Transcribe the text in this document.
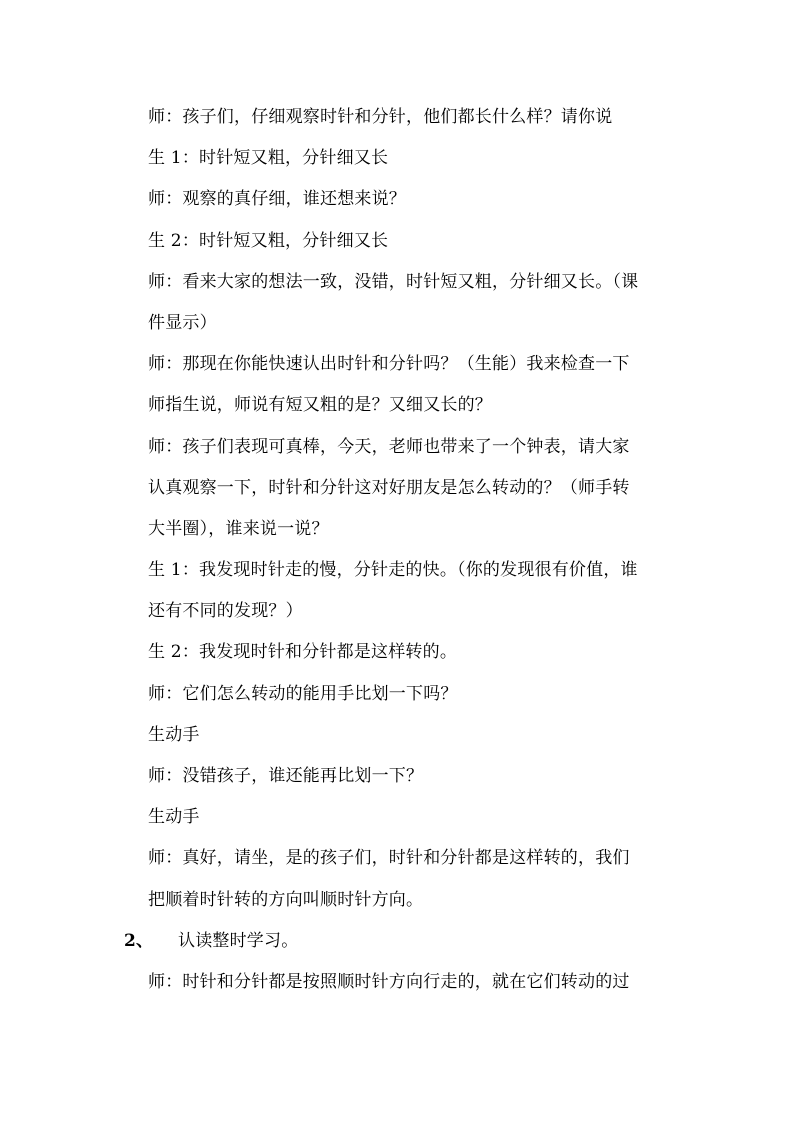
师：孩子们，仔细观察时针和分针，他们都长什么样？请你说
生 1：时针短又粗，分针细又长
师：观察的真仔细，谁还想来说？
生 2：时针短又粗，分针细又长
师：看来大家的想法一致，没错，时针短又粗，分针细又长。（课
件显示）
师：那现在你能快速认出时针和分针吗？（生能）我来检查一下
师指生说，师说有短又粗的是？又细又长的？
师：孩子们表现可真棒，今天，老师也带来了一个钟表，请大家
认真观察一下，时针和分针这对好朋友是怎么转动的？（师手转
大半圈），谁来说一说？
生 1：我发现时针走的慢，分针走的快。（你的发现很有价值，谁
还有不同的发现？）
生 2：我发现时针和分针都是这样转的。
师：它们怎么转动的能用手比划一下吗？
生动手
师：没错孩子，谁还能再比划一下？
生动手
师：真好，请坐，是的孩子们，时针和分针都是这样转的，我们
把顺着时针转的方向叫顺时针方向。
2、 认读整时学习。
师：时针和分针都是按照顺时针方向行走的，就在它们转动的过
